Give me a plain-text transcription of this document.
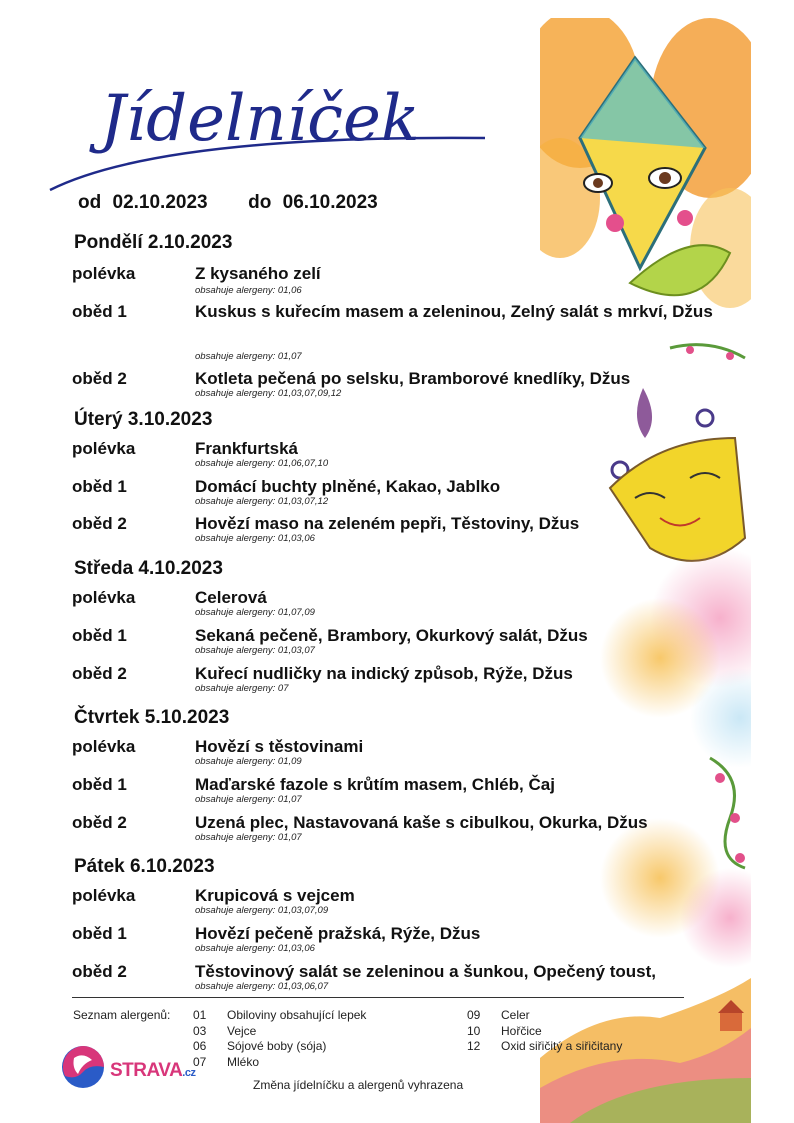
Jídelníček
od 02.10.2023 do 06.10.2023
Pondělí 2.10.2023
polévka	Z kysaného zelí
obsahuje alergeny: 01,06
oběd 1	Kuskus s kuřecím masem a zeleninou, Zelný salát s mrkví, Džus
obsahuje alergeny: 01,07
oběd 2	Kotleta pečená po selsku, Bramborové knedlíky, Džus
obsahuje alergeny: 01,03,07,09,12
Úterý 3.10.2023
polévka	Frankfurtská
obsahuje alergeny: 01,06,07,10
oběd 1	Domácí buchty plněné, Kakao, Jablko
obsahuje alergeny: 01,03,07,12
oběd 2	Hovězí maso na zeleném pepři, Těstoviny, Džus
obsahuje alergeny: 01,03,06
Středa 4.10.2023
polévka	Celerová
obsahuje alergeny: 01,07,09
oběd 1	Sekaná pečeně, Brambory, Okurkový salát, Džus
obsahuje alergeny: 01,03,07
oběd 2	Kuřecí nudličky na indický způsob, Rýže, Džus
obsahuje alergeny: 07
Čtvrtek 5.10.2023
polévka	Hovězí s těstovinami
obsahuje alergeny: 01,09
oběd 1	Maďarské fazole s krůtím masem, Chléb, Čaj
obsahuje alergeny: 01,07
oběd 2	Uzená plec, Nastavovaná kaše s cibulkou, Okurka, Džus
obsahuje alergeny: 01,07
Pátek 6.10.2023
polévka	Krupicová s vejcem
obsahuje alergeny: 01,03,07,09
oběd 1	Hovězí pečeně pražská, Rýže, Džus
obsahuje alergeny: 01,03,06
oběd 2	Těstovinový salát se zeleninou a šunkou, Opečený toust,
obsahuje alergeny: 01,03,06,07
Seznam alergenů: 01 Obiloviny obsahující lepek
03 Vejce
06 Sójové boby (sója)
07 Mléko
09 Celer
10 Hořčice
12 Oxid siřičitý a siřičitany
STRAVA.cz
Změna jídelníčku a alergenů vyhrazena
